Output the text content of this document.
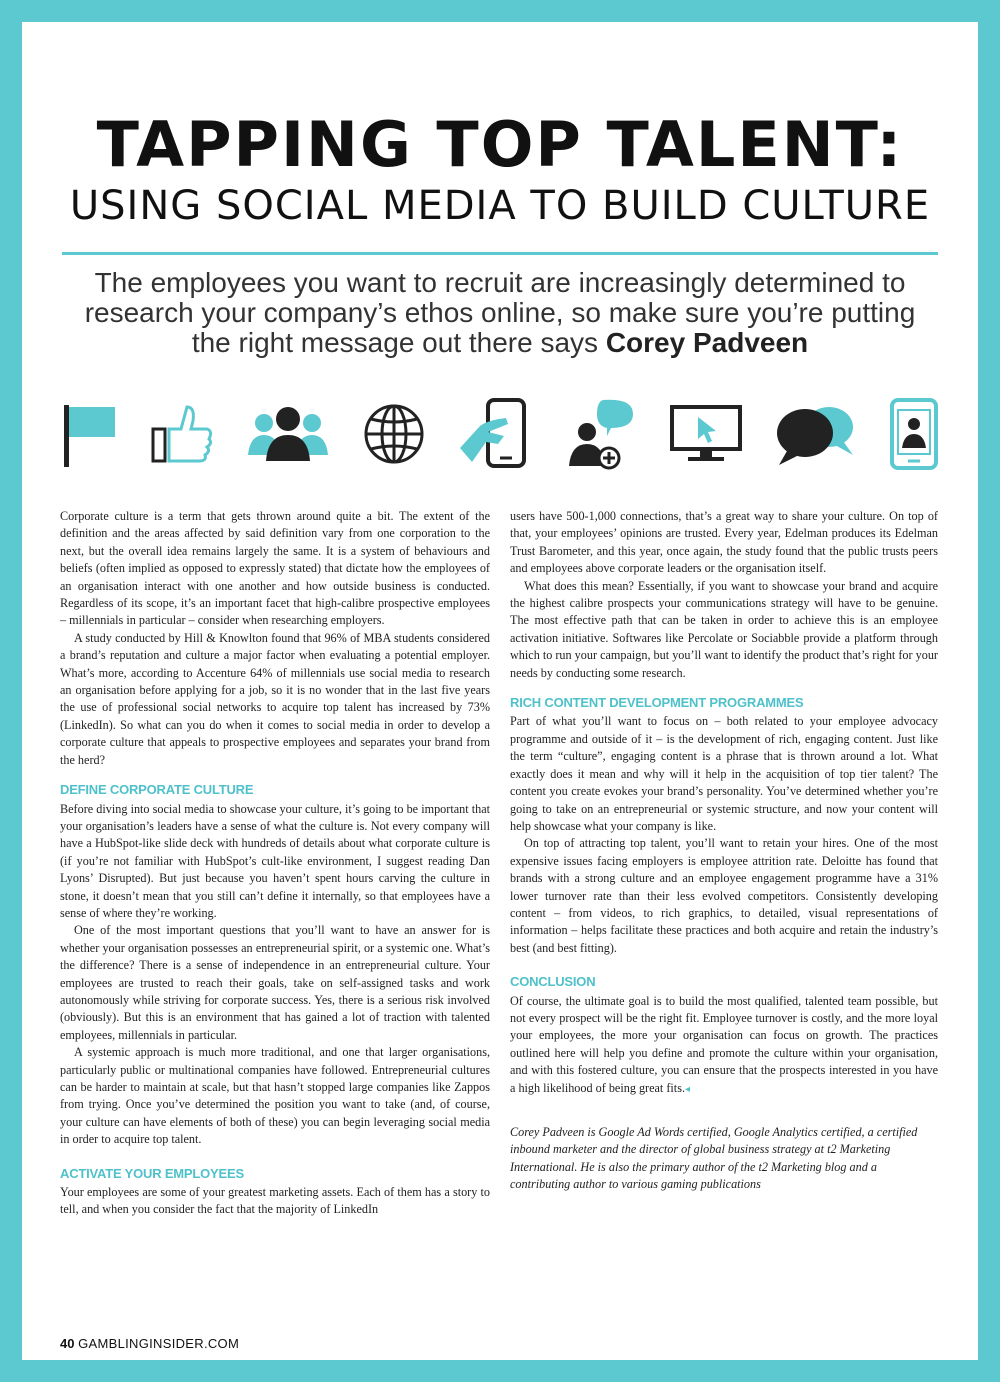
TAPPING TOP TALENT:
USING SOCIAL MEDIA TO BUILD CULTURE
The employees you want to recruit are increasingly determined to research your company’s ethos online, so make sure you’re putting the right message out there says Corey Padveen

Corporate culture is a term that gets thrown around quite a bit. The extent of the definition and the areas affected by said definition vary from one corporation to the next, but the overall idea remains largely the same. It is a system of behaviours and beliefs (often implied as opposed to expressly stated) that dictate how the employees of an organisation interact with one another and how outside business is conducted. Regardless of its scope, it’s an important facet that high-calibre prospective employees – millennials in particular – consider when researching employers.

A study conducted by Hill & Knowlton found that 96% of MBA students considered a brand’s reputation and culture a major factor when evaluating a potential employer. What’s more, according to Accenture 64% of millennials use social media to research an organisation before applying for a job, so it is no wonder that in the last five years the use of professional social networks to acquire top talent has increased by 73% (LinkedIn). So what can you do when it comes to social media in order to develop a corporate culture that appeals to prospective employees and separates your brand from the herd?

DEFINE CORPORATE CULTURE

Before diving into social media to showcase your culture, it’s going to be important that your organisation’s leaders have a sense of what the culture is. Not every company will have a HubSpot-like slide deck with hundreds of details about what corporate culture is (if you’re not familiar with HubSpot’s cult-like environment, I suggest reading Dan Lyons’ Disrupted). But just because you haven’t spent hours carving the culture in stone, it doesn’t mean that you still can’t define it internally, so that employees have a sense of where they’re working.

One of the most important questions that you’ll want to have an answer for is whether your organisation possesses an entrepreneurial spirit, or a systemic one. What’s the difference? There is a sense of independence in an entrepreneurial culture. Your employees are trusted to reach their goals, take on self-assigned tasks and work autonomously while striving for corporate success. Yes, there is a serious risk involved (obviously). But this is an environment that has gained a lot of traction with talented employees, millennials in particular.

A systemic approach is much more traditional, and one that larger organisations, particularly public or multinational companies have followed. Entrepreneurial cultures can be harder to maintain at scale, but that hasn’t stopped large companies like Zappos from trying. Once you’ve determined the position you want to take (and, of course, your culture can have elements of both of these) you can begin leveraging social media in order to acquire top talent.

ACTIVATE YOUR EMPLOYEES

Your employees are some of your greatest marketing assets. Each of them has a story to tell, and when you consider the fact that the majority of LinkedIn

users have 500-1,000 connections, that’s a great way to share your culture. On top of that, your employees’ opinions are trusted. Every year, Edelman produces its Edelman Trust Barometer, and this year, once again, the study found that the public trusts peers and employees above corporate leaders or the organisation itself.

What does this mean? Essentially, if you want to showcase your brand and acquire the highest calibre prospects your communications strategy will have to be genuine. The most effective path that can be taken in order to achieve this is an employee activation initiative. Softwares like Percolate or Sociabble provide a platform through which to run your campaign, but you’ll want to identify the product that’s right for your needs by conducting some research.

RICH CONTENT DEVELOPMENT PROGRAMMES

Part of what you’ll want to focus on – both related to your employee advocacy programme and outside of it – is the development of rich, engaging content. Just like the term “culture”, engaging content is a phrase that is thrown around a lot. What exactly does it mean and why will it help in the acquisition of top tier talent? The content you create evokes your brand’s personality. You’ve determined whether you’re going to take on an entrepreneurial or systemic structure, and now your content will help showcase what your company is like.

On top of attracting top talent, you’ll want to retain your hires. One of the most expensive issues facing employers is employee attrition rate. Deloitte has found that brands with a strong culture and an employee engagement programme have a 31% lower turnover rate than their less evolved competitors. Consistently developing content – from videos, to rich graphics, to detailed, visual representations of information – helps facilitate these practices and both acquire and retain the industry’s best (and best fitting).

CONCLUSION

Of course, the ultimate goal is to build the most qualified, talented team possible, but not every prospect will be the right fit. Employee turnover is costly, and the more loyal your employees, the more your organisation can focus on growth. The practices outlined here will help you define and promote the culture within your organisation, and with this fostered culture, you can ensure that the prospects interested in you have a high likelihood of being great fits.◂

Corey Padveen is Google Ad Words certified, Google Analytics certified, a certified inbound marketer and the director of global business strategy at t2 Marketing International. He is also the primary author of the t2 Marketing blog and a contributing author to various gaming publications

40 GAMBLINGINSIDER.COM
